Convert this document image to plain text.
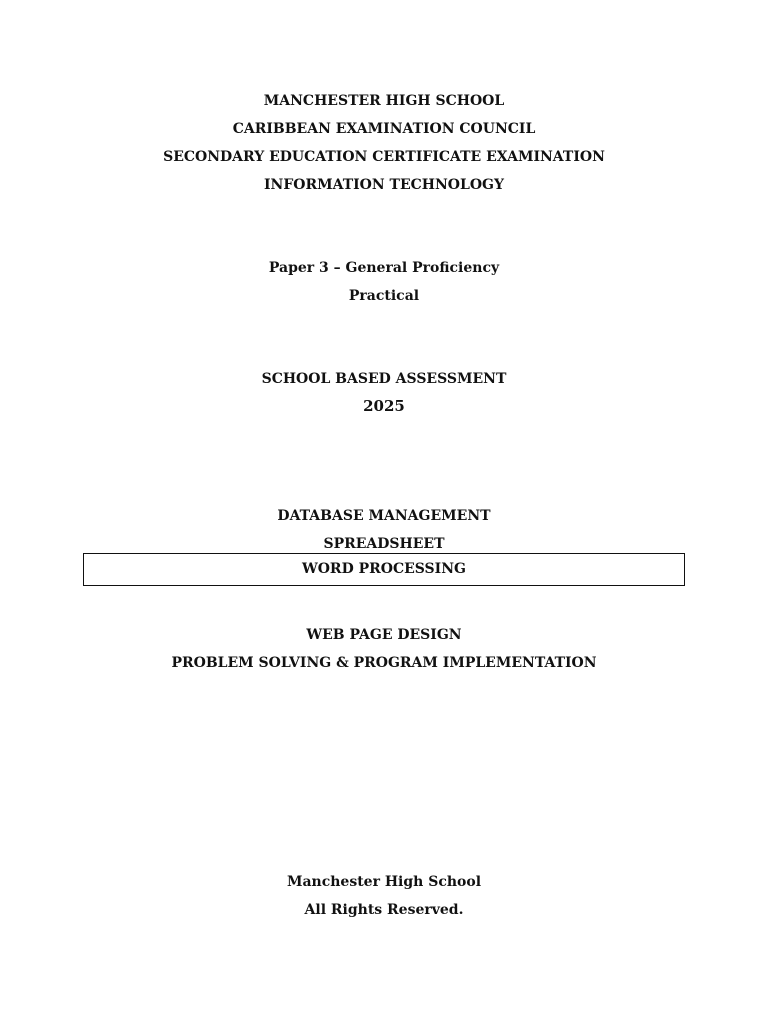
MANCHESTER HIGH SCHOOL
CARIBBEAN EXAMINATION COUNCIL
SECONDARY EDUCATION CERTIFICATE EXAMINATION
INFORMATION TECHNOLOGY
Paper 3 – General Proficiency
Practical
SCHOOL BASED ASSESSMENT
2025
DATABASE MANAGEMENT
SPREADSHEET
WORD PROCESSING
WEB PAGE DESIGN
PROBLEM SOLVING & PROGRAM IMPLEMENTATION
Manchester High School
All Rights Reserved.
